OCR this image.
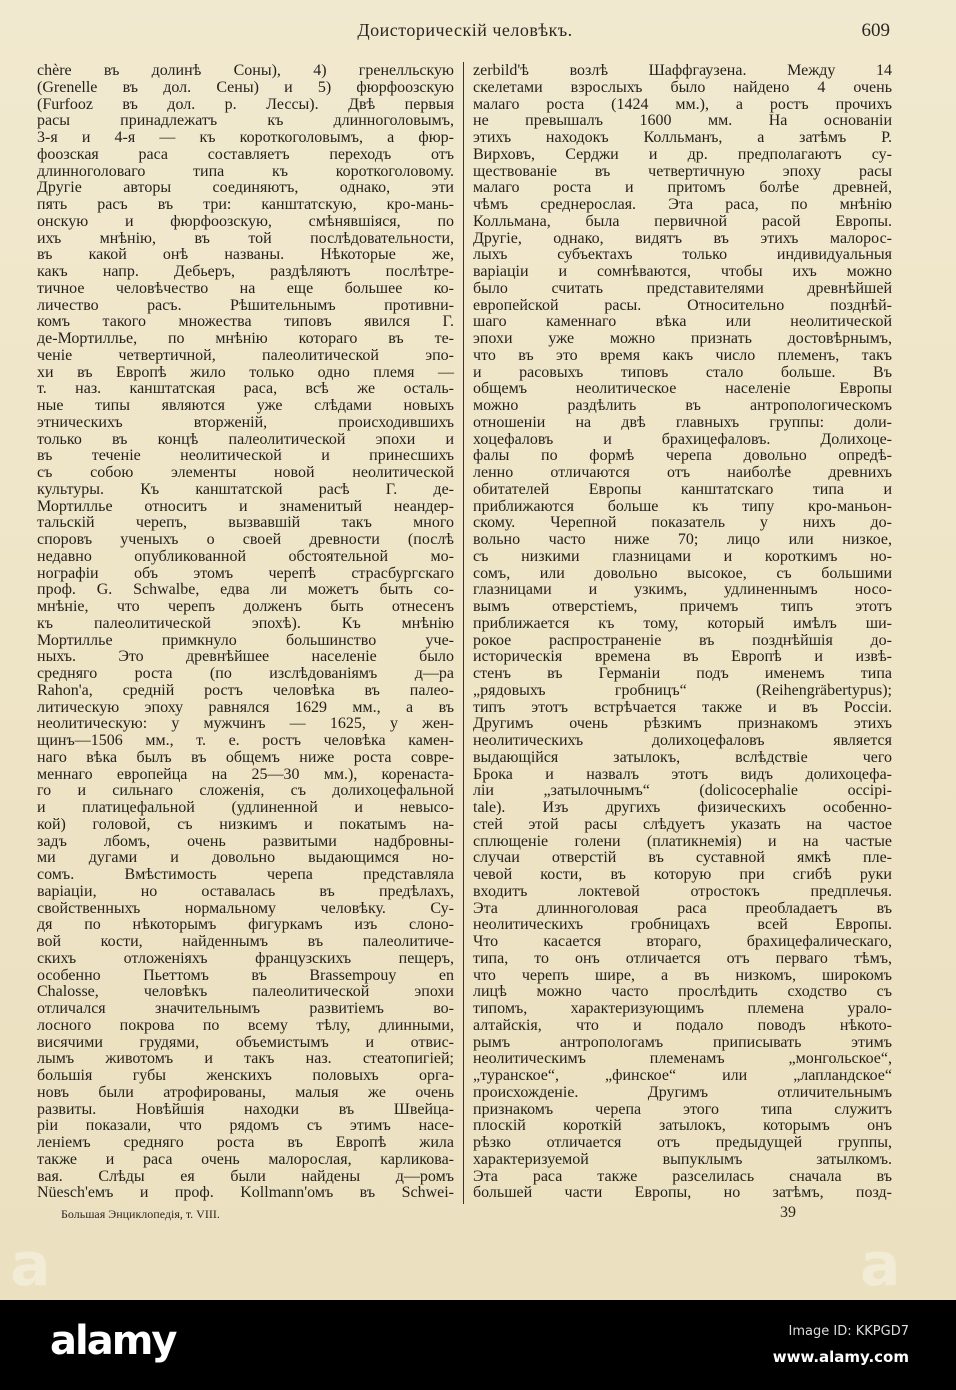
Доисторическій человѣкъ.	609
chère въ долинѣ Соны), 4) гренелльскую
(Grenelle въ дол. Сены) и 5) фюрфоозскую
(Furfooz въ дол. р. Лессы). Двѣ первыя
расы принадлежатъ къ длинноголовымъ,
3-я и 4-я — къ короткоголовымъ, а фюр-
фоозская раса составляетъ переходъ отъ
длинноголоваго типа къ короткоголовому.
Другіе авторы соединяютъ, однако, эти
пять расъ въ три: канштатскую, кро-мань-
онскую и фюрфоозскую, смѣнявшіяся, по
ихъ мнѣнію, въ той послѣдовательности,
въ какой онѣ названы. Нѣкоторые же,
какъ напр. Дебьеръ, раздѣляютъ послѣтре-
тичное человѣчество на еще большее ко-
личество расъ. Рѣшительнымъ противни-
комъ такого множества типовъ явился Г.
де-Мортиллье, по мнѣнію котораго въ те-
ченіе четвертичной, палеолитической эпо-
хи въ Европѣ жило только одно племя —
т. наз. канштатская раса, всѣ же осталь-
ные типы являются уже слѣдами новыхъ
этническихъ вторженій, происходившихъ
только въ концѣ палеолитической эпохи и
въ теченіе неолитической и принесшихъ
съ собою элементы новой неолитической
культуры. Къ канштатской расѣ Г. де-
Мортиллье относитъ и знаменитый неандер-
тальскій черепъ, вызвавшій такъ много
споровъ ученыхъ о своей древности (послѣ
недавно опубликованной обстоятельной мо-
нографіи объ этомъ черепѣ страсбургскаго
проф. G. Schwalbe, едва ли можетъ быть со-
мнѣніе, что черепъ долженъ быть отнесенъ
къ палеолитической эпохѣ). Къ мнѣнію
Мортиллье примкнуло большинство уче-
ныхъ. Это древнѣйшее населеніе было
средняго роста (по изслѣдованіямъ д—ра
Rahon'a, средній ростъ человѣка въ палео-
литическую эпоху равнялся 1629 мм., а въ
неолитическую: у мужчинъ — 1625, у жен-
щинъ—1506 мм., т. е. ростъ человѣка камен-
наго вѣка былъ въ общемъ ниже роста совре-
меннаго европейца на 25—30 мм.), коренаста-
го и сильнаго сложенія, съ долихоцефальной
и платицефальной (удлиненной и невысо-
кой) головой, съ низкимъ и покатымъ на-
задъ лбомъ, очень развитыми надбровны-
ми дугами и довольно выдающимся но-
сомъ. Вмѣстимость черепа представляла
варіаціи, но оставалась въ предѣлахъ,
свойственныхъ нормальному человѣку. Су-
дя по нѣкоторымъ фигуркамъ изъ слоно-
вой кости, найденнымъ въ палеолитиче-
скихъ отложеніяхъ французскихъ пещеръ,
особенно Пьеттомъ въ Brassempouy en
Chalosse, человѣкъ палеолитической эпохи
отличался значительнымъ развитіемъ во-
лосного покрова по всему тѣлу, длинными,
висячими грудями, объемистымъ и отвис-
лымъ животомъ и такъ наз. стеатопигіей;
большія губы женскихъ половыхъ орга-
новъ были атрофированы, малыя же очень
развиты. Новѣйшія находки въ Швейца-
ріи показали, что рядомъ съ этимъ насе-
леніемъ средняго роста въ Европѣ жила
также и раса очень малорослая, карликова-
вая. Слѣды ея были найдены д—ромъ
Nüesch'емъ и проф. Kollmann'омъ въ Schwei-
zerbild'ѣ возлѣ Шаффгаузена. Между 14
скелетами взрослыхъ было найдено 4 очень
малаго роста (1424 мм.), а ростъ прочихъ
не превышалъ 1600 мм. На основаніи
этихъ находокъ Колльманъ, а затѣмъ Р.
Вирховъ, Серджи и др. предполагаютъ су-
ществованіе въ четвертичную эпоху расы
малаго роста и притомъ болѣе древней,
чѣмъ среднерослая. Эта раса, по мнѣнію
Колльмана, была первичной расой Европы.
Другіе, однако, видятъ въ этихъ малорос-
лыхъ субъектахъ только индивидуальныя
варіаціи и сомнѣваются, чтобы ихъ можно
было считать представителями древнѣйшей
европейской расы. Относительно позднѣй-
шаго каменнаго вѣка или неолитической
эпохи уже можно признать достовѣрнымъ,
что въ это время какъ число племенъ, такъ
и расовыхъ типовъ стало больше. Въ
общемъ неолитическое населеніе Европы
можно раздѣлить въ антропологическомъ
отношеніи на двѣ главныхъ группы: доли-
хоцефаловъ и брахицефаловъ. Долихоце-
фалы по формѣ черепа довольно опредѣ-
ленно отличаются отъ наиболѣе древнихъ
обитателей Европы канштатскаго типа и
приближаются больше къ типу кро-маньон-
скому. Черепной показатель у нихъ до-
вольно часто ниже 70; лицо или низкое,
съ низкими глазницами и короткимъ но-
сомъ, или довольно высокое, съ большими
глазницами и узкимъ, удлиненнымъ носо-
вымъ отверстіемъ, причемъ типъ этотъ
приближается къ тому, который имѣлъ ши-
рокое распространеніе въ позднѣйшія до-
историческія времена въ Европѣ и извѣ-
стенъ въ Германіи подъ именемъ типа
„рядовыхъ гробницъ“ (Reihengräbertypus);
типъ этотъ встрѣчается также и въ Россіи.
Другимъ очень рѣзкимъ признакомъ этихъ
неолитическихъ долихоцефаловъ является
выдающійся затылокъ, вслѣдствіе чего
Брока и назвалъ этотъ видъ долихоцефа-
ліи „затылочнымъ“ (dolicocephalie occipi-
tale). Изъ другихъ физическихъ особенно-
стей этой расы слѣдуетъ указать на частое
сплющеніе голени (платикнемія) и на частые
случаи отверстій въ суставной ямкѣ пле-
чевой кости, въ которую при сгибѣ руки
входитъ локтевой отростокъ предплечья.
Эта длинноголовая раса преобладаетъ въ
неолитическихъ гробницахъ всей Европы.
Что касается втораго, брахицефалическаго,
типа, то онъ отличается отъ перваго тѣмъ,
что черепъ шире, а въ низкомъ, широкомъ
лицѣ можно часто прослѣдить сходство съ
типомъ, характеризующимъ племена урало-
алтайскія, что и подало поводъ нѣкото-
рымъ антропологамъ приписывать этимъ
неолитическимъ племенамъ „монгольское“,
„туранское“, „финское“ или „лапландское“
происхожденіе. Другимъ отличительнымъ
признакомъ черепа этого типа служитъ
плоскій короткій затылокъ, которымъ онъ
рѣзко отличается отъ предыдущей группы,
характеризуемой выпуклымъ затылкомъ.
Эта раса также разселилась сначала въ
большей части Европы, но затѣмъ, позд-
Большая Энциклопедія, т. VIII.	39
a	a
alamy	Image ID: KKPGD7
www.alamy.com
